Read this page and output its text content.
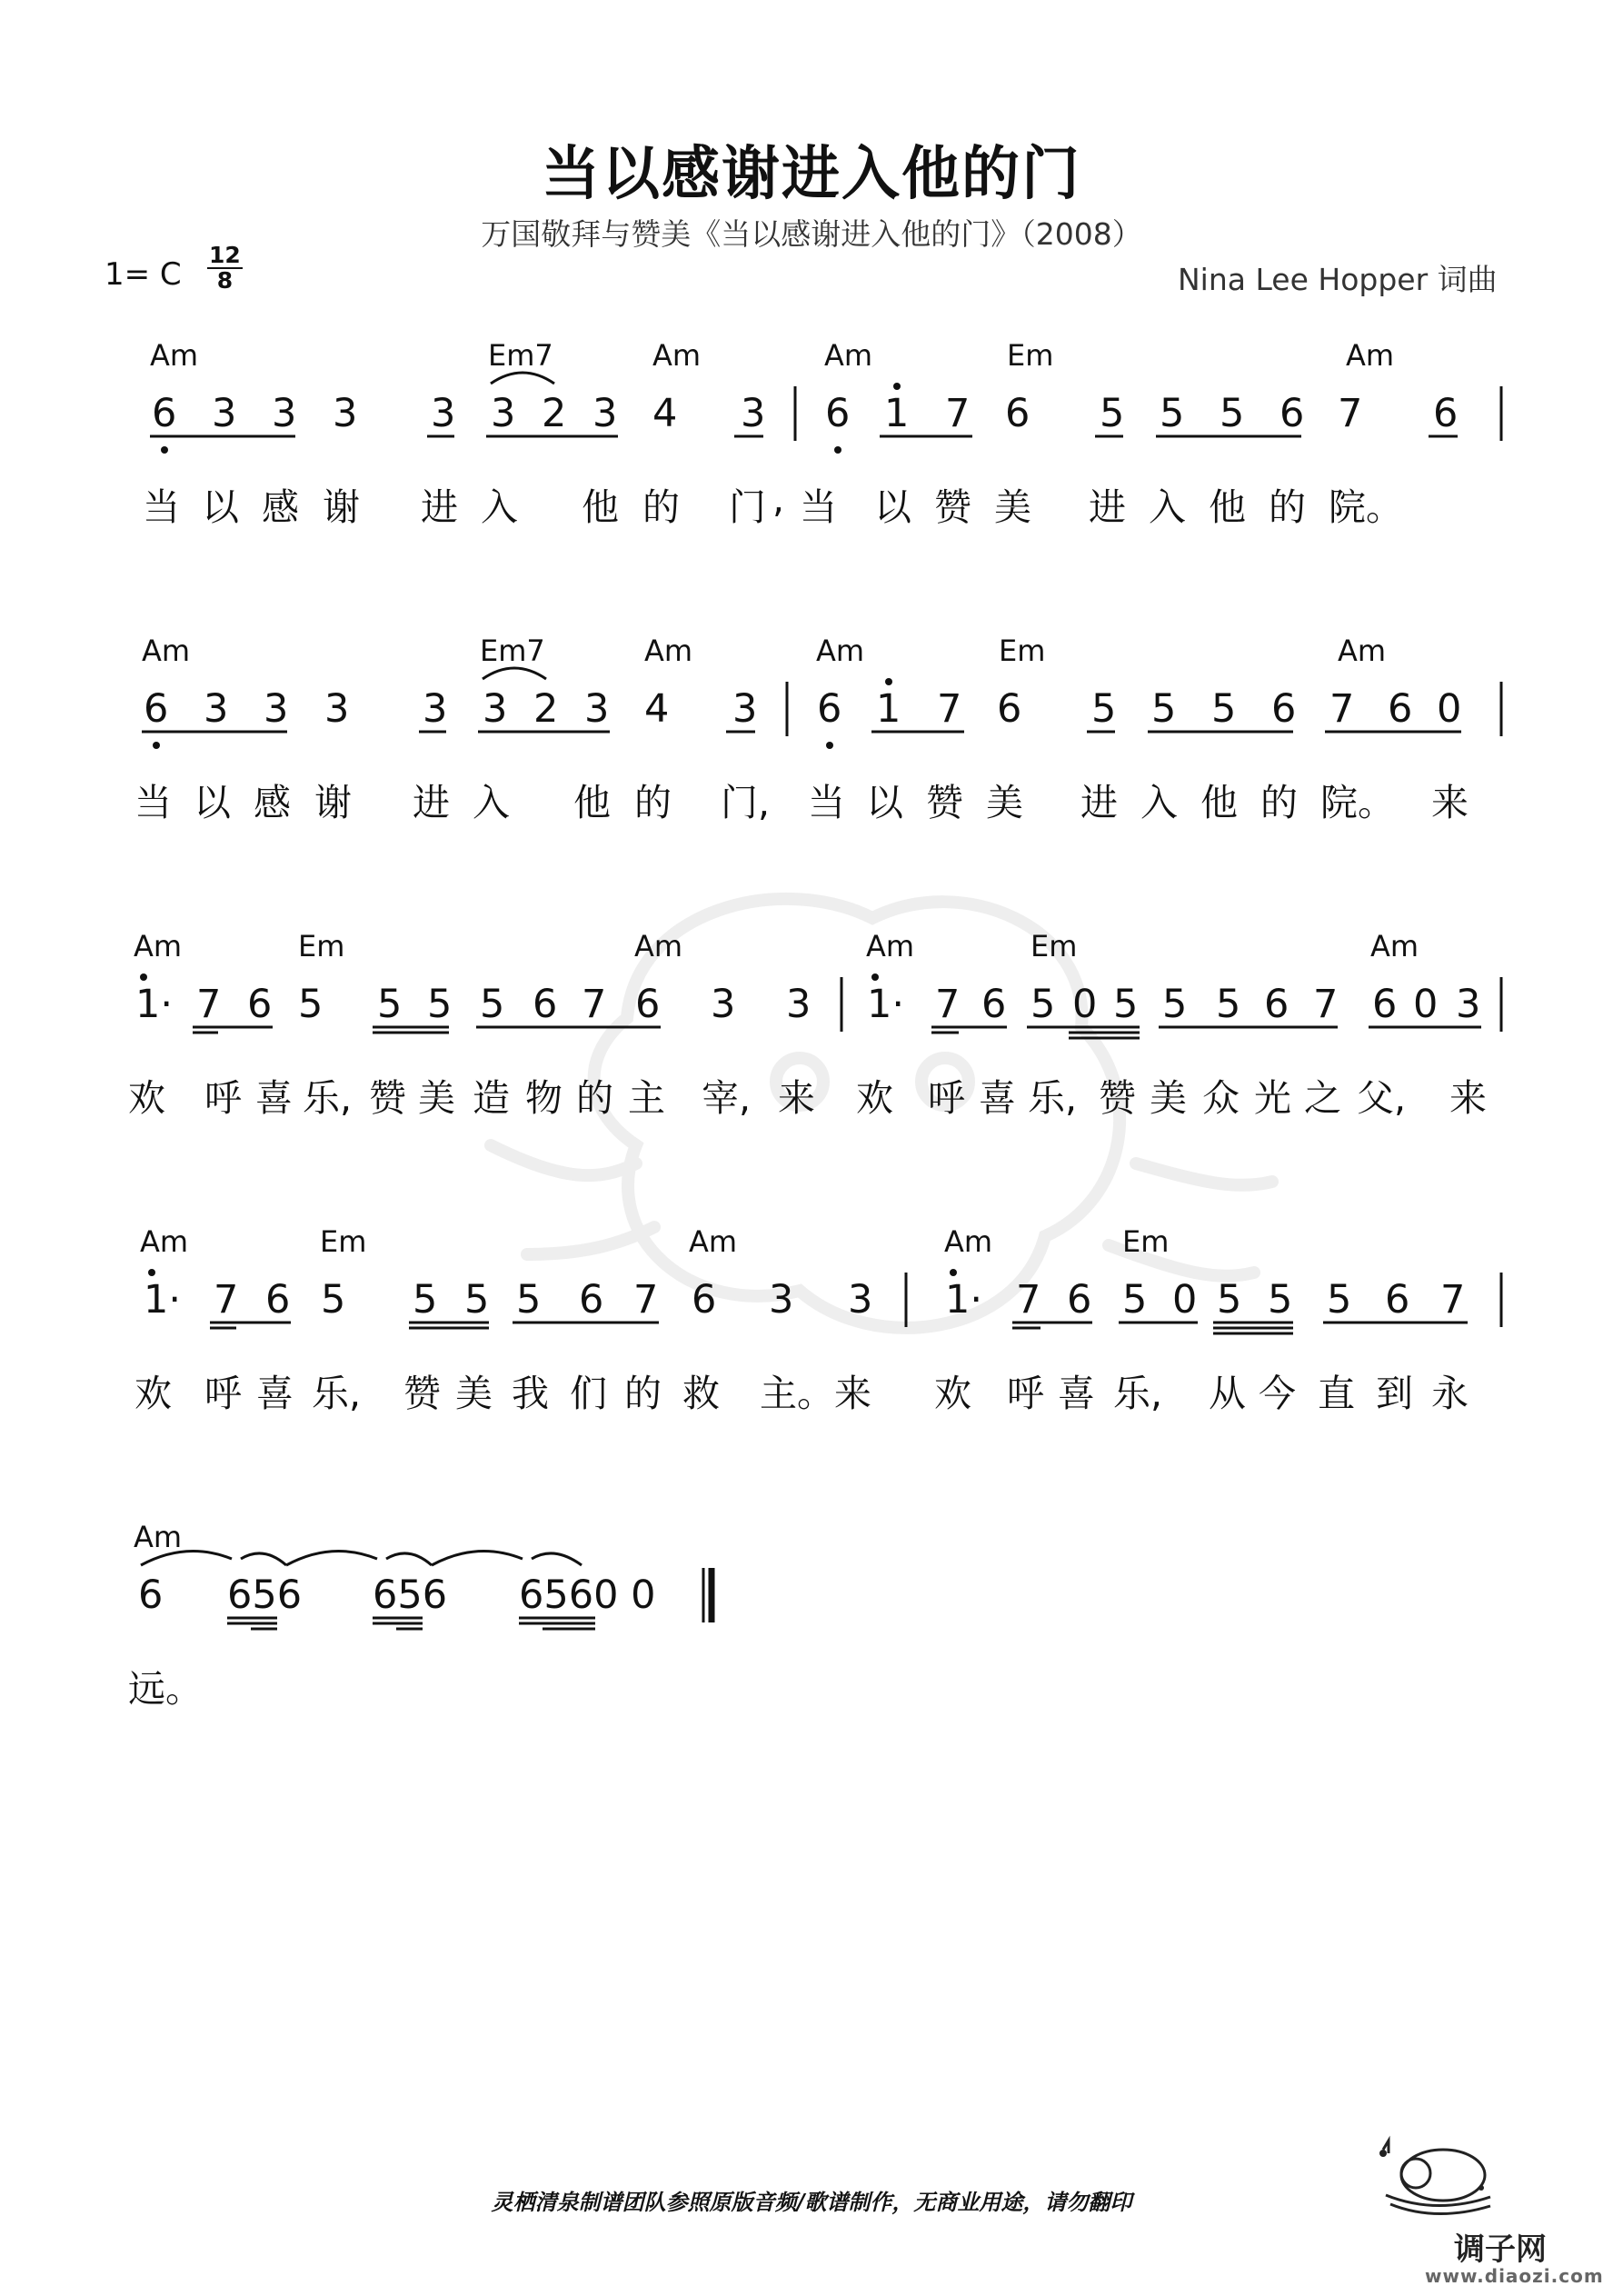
当以感谢进入他的门
万国敬拜与赞美《当以感谢进入他的门》（2008）
1= C $\frac{12}{8}$	Nina Lee Hopper 词曲
Am	Em7	Am	Am	Em	Am
6 3 3 3 3 3 2 3 4 3 6 1 7 6 5 5 5 6 7 6
当 以 感 谢 进 入 他 的 门 , 当 以 赞 美 进 入 他 的 院。
Am	Em7	Am	Am	Em	Am
6 3 3 3 3 3 2 3 4 3 6 1 7 6 5 5 5 6 7 6 0
当 以 感 谢 进 入 他 的 门, 当 以 赞 美 进 入 他 的 院。 来
Am	Em	Am	Am	Em	Am
1· 7 6 5 5 5 5 6 7 6 3 3 1· 7 6 5 0 5 5 5 6 7 6 0 3
欢 呼 喜 乐, 赞 美 造 物 的 主 宰, 来 欢 呼 喜 乐, 赞 美 众 光 之 父, 来
Am	Em	Am	Am	Em
1· 7 6 5 5 5 5 6 7 6 3 3 1· 7 6 5 0 5 5 5 6 7
欢 呼 喜 乐, 赞 美 我 们 的 救 主。来 欢 呼 喜 乐, 从 今 直 到 永
Am
6 656 656 6560 0
远。
灵栖清泉制谱团队参照原版音频/歌谱制作，无商业用途，请勿翻印
调子网
www.diaozi.com
